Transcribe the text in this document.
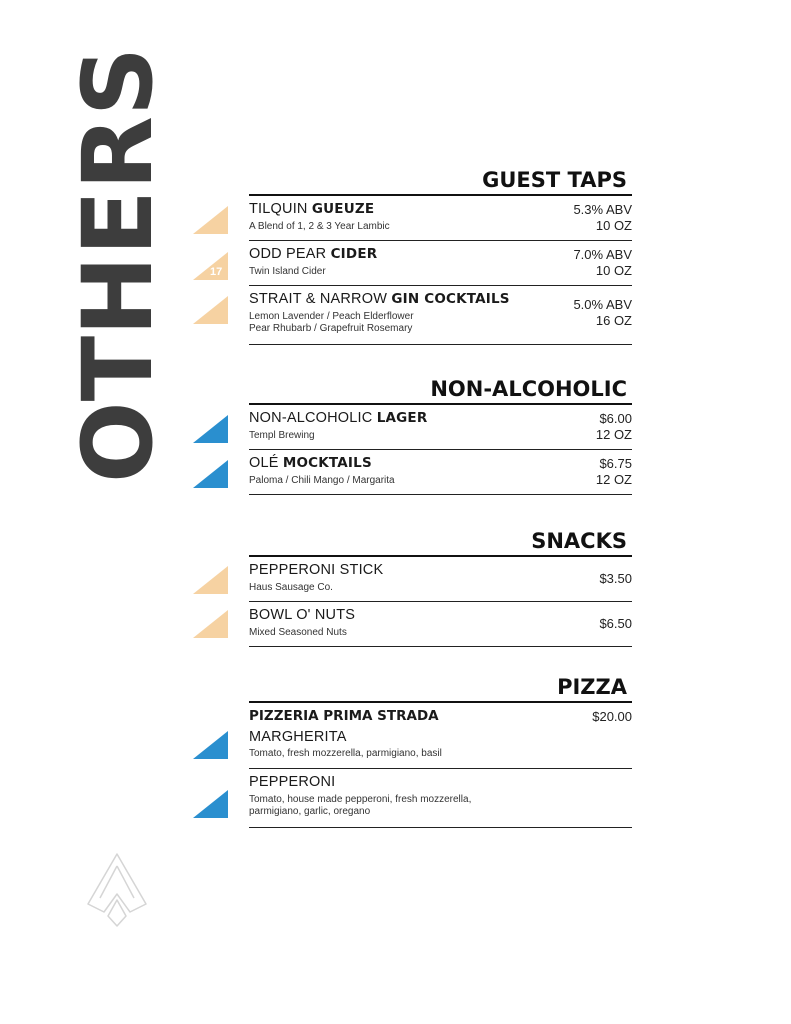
OTHERS	17
GUEST TAPS
TILQUIN GUEUZE
A Blend of 1, 2 & 3 Year Lambic
5.3% ABV
10 OZ
ODD PEAR CIDER
Twin Island Cider
7.0% ABV
10 OZ
STRAIT & NARROW GIN COCKTAILS
Lemon Lavender / Peach Elderflower
Pear Rhubarb / Grapefruit Rosemary
5.0% ABV
16 OZ
NON-ALCOHOLIC
NON-ALCOHOLIC LAGER
Templ Brewing
$6.00
12 OZ
OLÉ MOCKTAILS
Paloma / Chili Mango / Margarita
$6.75
12 OZ
SNACKS
PEPPERONI STICK
Haus Sausage Co.
$3.50
BOWL O' NUTS
Mixed Seasoned Nuts
$6.50
PIZZA
PIZZERIA PRIMA STRADA
MARGHERITA
Tomato, fresh mozzerella, parmigiano, basil
$20.00
PEPPERONI
Tomato, house made pepperoni, fresh mozzerella,
parmigiano, garlic, oregano
